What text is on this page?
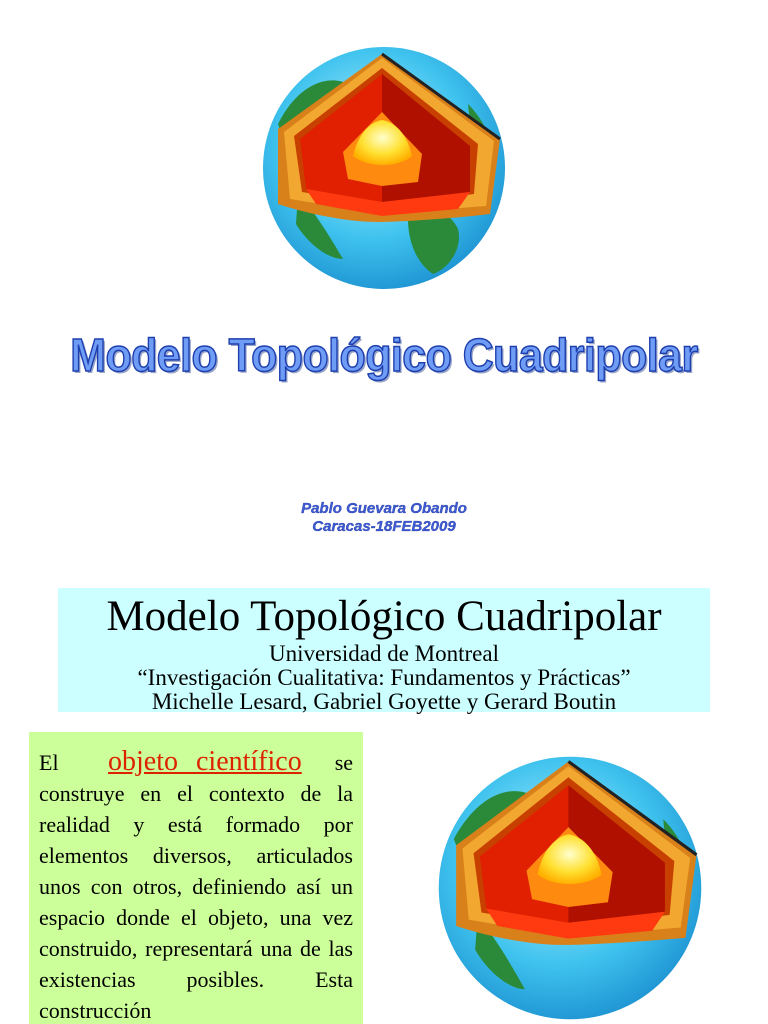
Modelo Topológico Cuadripolar
Pablo Guevara Obando
Caracas-18FEB2009
Modelo Topológico Cuadripolar
Universidad de Montreal
“Investigación Cualitativa: Fundamentos y Prácticas”
Michelle Lesard, Gabriel Goyette y Gerard Boutin
El objeto científico se construye en el contexto de la realidad y está formado por elementos diversos, articulados unos con otros, definiendo así un espacio donde el objeto, una vez construido, representará una de las existencias posibles. Esta construcción
